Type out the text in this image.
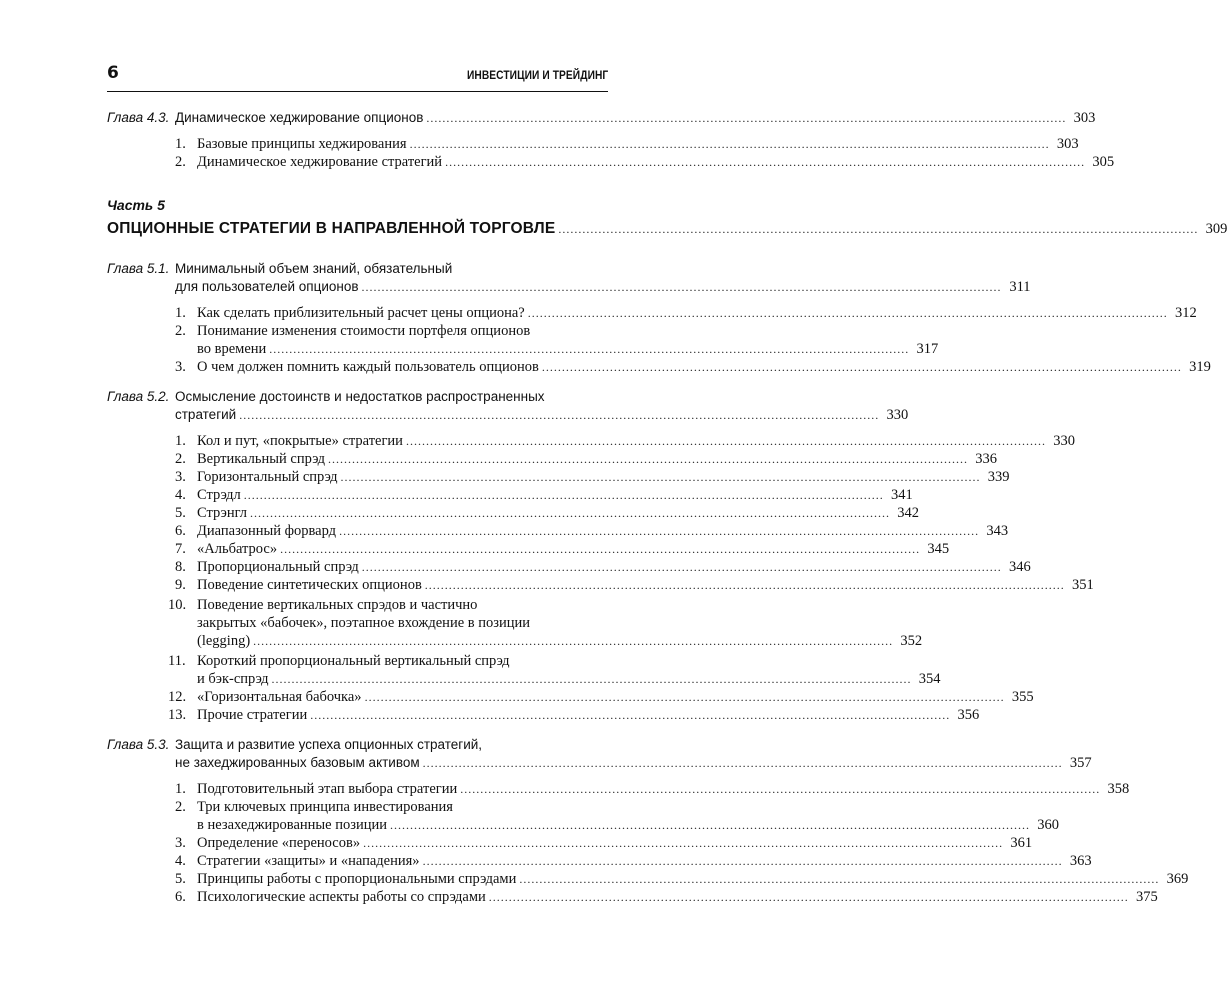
6	ИНВЕСТИЦИИ И ТРЕЙДИНГ
Глава 4.3. Динамическое хеджирование опционов ................................................................................................................................................................ 303
1. Базовые принципы хеджирования ................................................................................................................................................................ 303
2. Динамическое хеджирование стратегий ................................................................................................................................................................ 305
Часть 5
ОПЦИОННЫЕ СТРАТЕГИИ В НАПРАВЛЕННОЙ ТОРГОВЛЕ ................................................................................................................................................................ 309
Глава 5.1. Минимальный объем знаний, обязательный
для пользователей опционов ................................................................................................................................................................ 311
1. Как сделать приблизительный расчет цены опциона? ................................................................................................................................................................ 312
2. Понимание изменения стоимости портфеля опционов
во времени ................................................................................................................................................................ 317
3. О чем должен помнить каждый пользователь опционов ................................................................................................................................................................ 319
Глава 5.2. Осмысление достоинств и недостатков распространенных
стратегий ................................................................................................................................................................ 330
1. Кол и пут, «покрытые» стратегии ................................................................................................................................................................ 330
2. Вертикальный спрэд ................................................................................................................................................................ 336
3. Горизонтальный спрэд ................................................................................................................................................................ 339
4. Стрэдл ................................................................................................................................................................ 341
5. Стрэнгл ................................................................................................................................................................ 342
6. Диапазонный форвард ................................................................................................................................................................ 343
7. «Альбатрос» ................................................................................................................................................................ 345
8. Пропорциональный спрэд ................................................................................................................................................................ 346
9. Поведение синтетических опционов ................................................................................................................................................................ 351
10. Поведение вертикальных спрэдов и частично
закрытых «бабочек», поэтапное вхождение в позиции
(legging) ................................................................................................................................................................ 352
11. Короткий пропорциональный вертикальный спрэд
и бэк-спрэд ................................................................................................................................................................ 354
12. «Горизонтальная бабочка» ................................................................................................................................................................ 355
13. Прочие стратегии ................................................................................................................................................................ 356
Глава 5.3. Защита и развитие успеха опционных стратегий,
не захеджированных базовым активом ................................................................................................................................................................ 357
1. Подготовительный этап выбора стратегии ................................................................................................................................................................ 358
2. Три ключевых принципа инвестирования
в незахеджированные позиции ................................................................................................................................................................ 360
3. Определение «переносов» ................................................................................................................................................................ 361
4. Стратегии «защиты» и «нападения» ................................................................................................................................................................ 363
5. Принципы работы с пропорциональными спрэдами ................................................................................................................................................................ 369
6. Психологические аспекты работы со спрэдами ................................................................................................................................................................ 375
